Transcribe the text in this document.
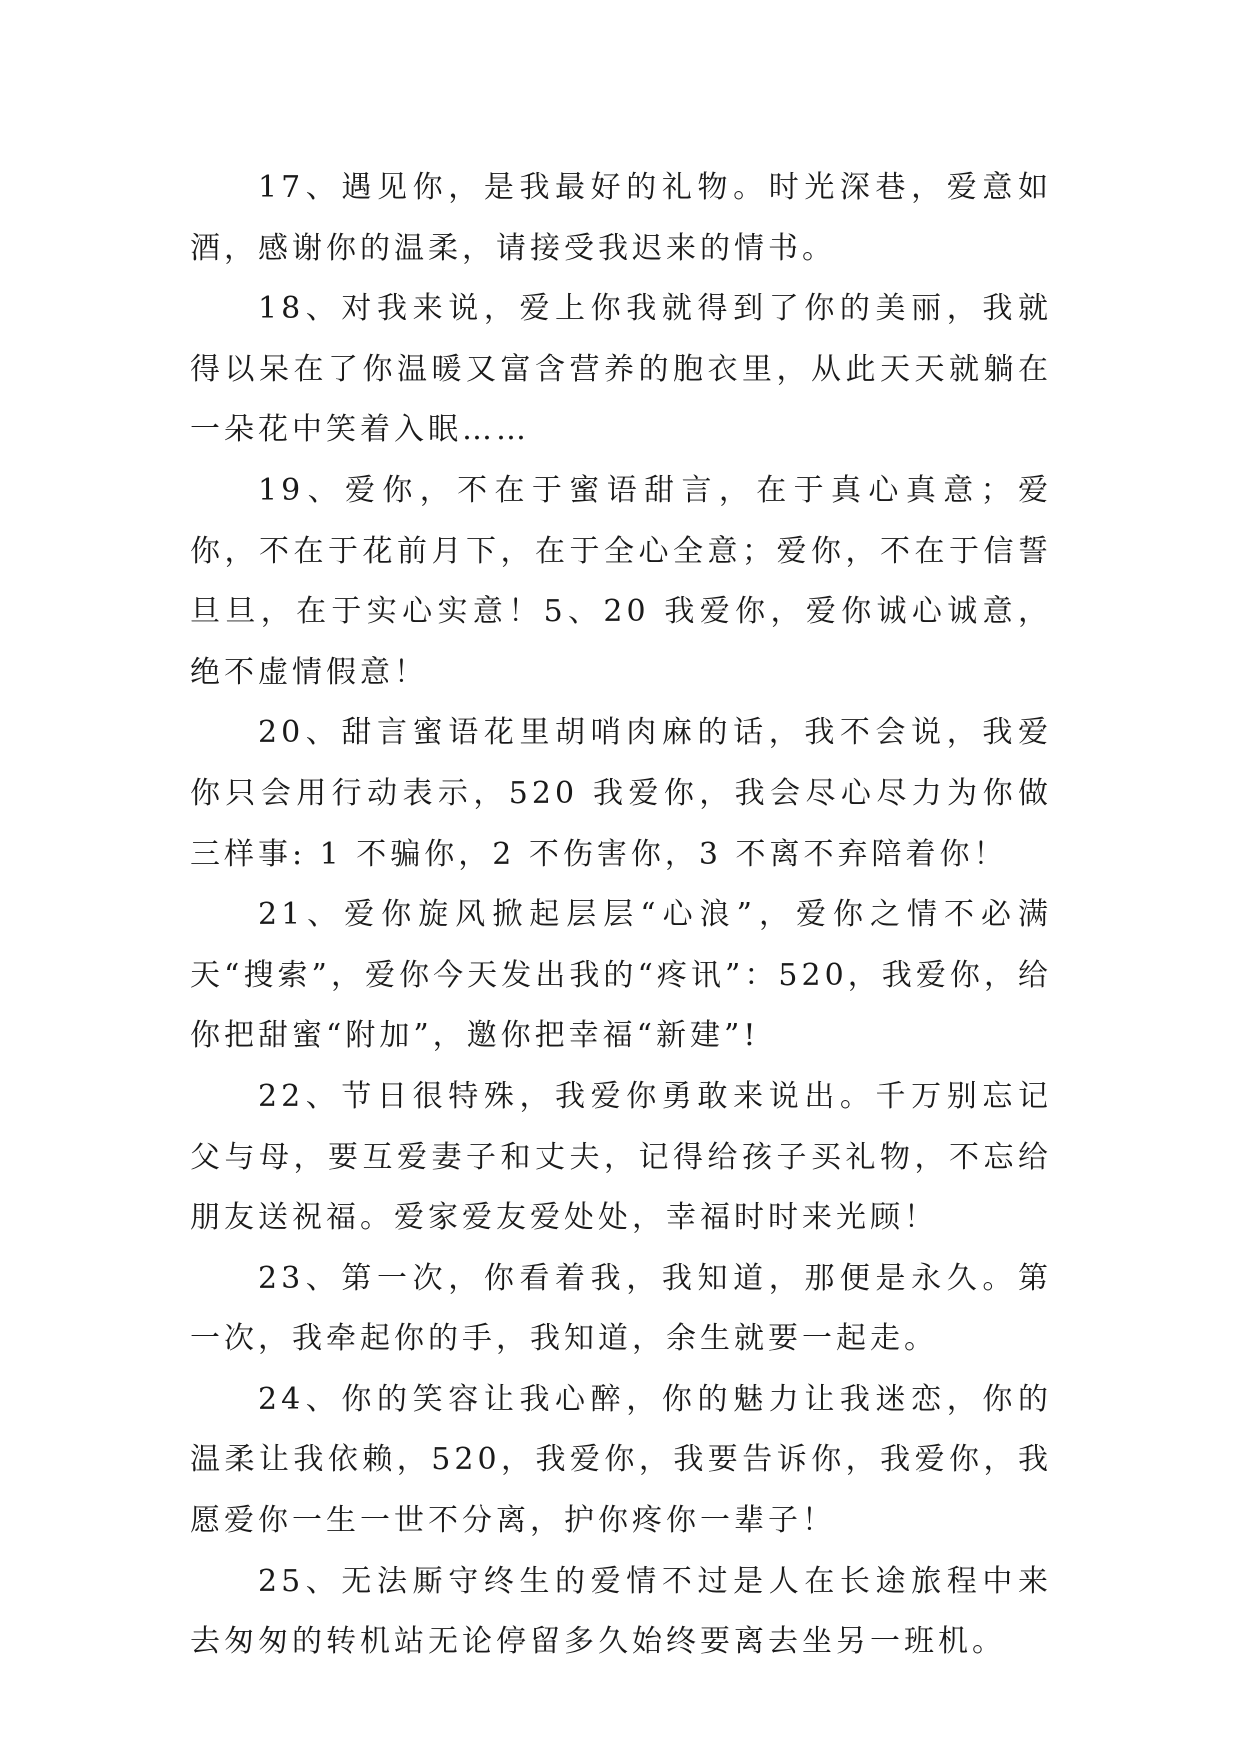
17、遇见你，是我最好的礼物。时光深巷，爱意如酒，感谢你的温柔，请接受我迟来的情书。

18、对我来说，爱上你我就得到了你的美丽，我就得以呆在了你温暖又富含营养的胞衣里，从此天天就躺在一朵花中笑着入眠……

19、爱你，不在于蜜语甜言，在于真心真意；爱你，不在于花前月下，在于全心全意；爱你，不在于信誓旦旦，在于实心实意！5、20 我爱你，爱你诚心诚意，绝不虚情假意！

20、甜言蜜语花里胡哨肉麻的话，我不会说，我爱你只会用行动表示，520 我爱你，我会尽心尽力为你做三样事: 1 不骗你，2 不伤害你，3 不离不弃陪着你！

21、爱你旋风掀起层层“心浪”，爱你之情不必满天“搜索”，爱你今天发出我的“疼讯”：520，我爱你，给你把甜蜜“附加”，邀你把幸福“新建”!

22、节日很特殊，我爱你勇敢来说出。千万别忘记父与母，要互爱妻子和丈夫，记得给孩子买礼物，不忘给朋友送祝福。爱家爱友爱处处，幸福时时来光顾！

23、第一次，你看着我，我知道，那便是永久。第一次，我牵起你的手，我知道，余生就要一起走。

24、你的笑容让我心醉，你的魅力让我迷恋，你的温柔让我依赖，520，我爱你，我要告诉你，我爱你，我愿爱你一生一世不分离，护你疼你一辈子！

25、无法厮守终生的爱情不过是人在长途旅程中来去匆匆的转机站无论停留多久始终要离去坐另一班机。
